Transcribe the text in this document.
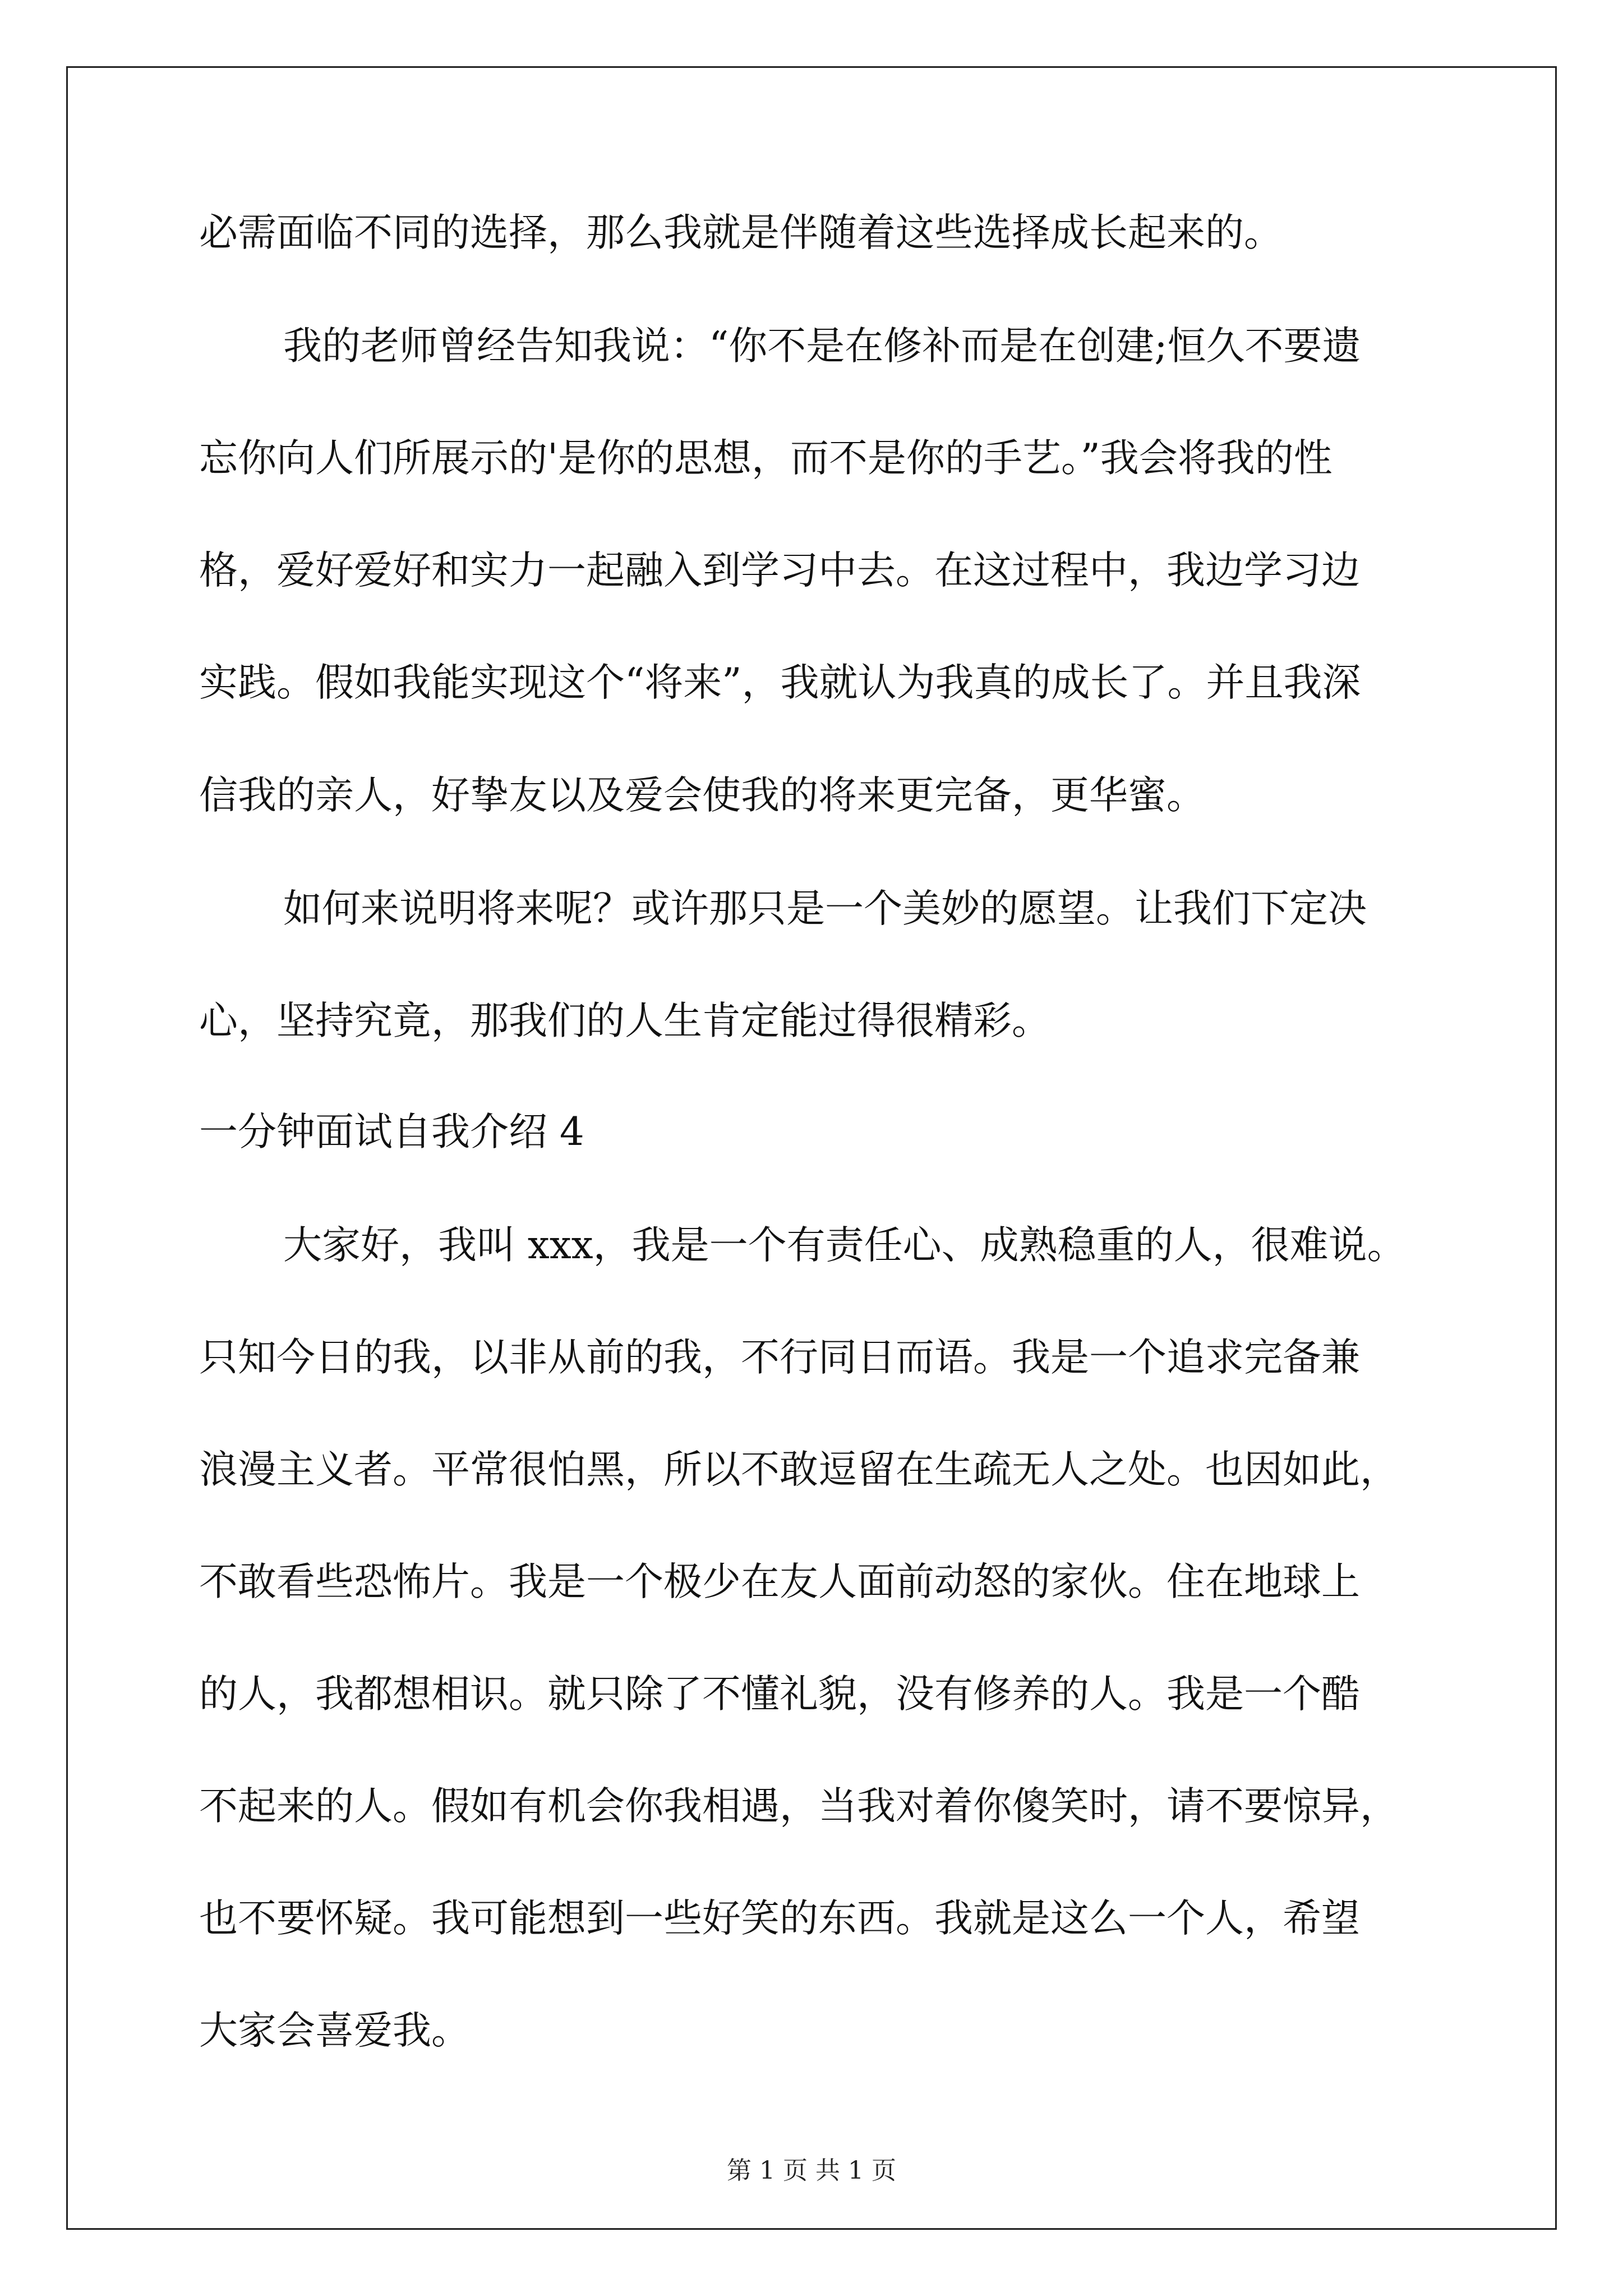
必需面临不同的选择，那么我就是伴随着这些选择成长起来的。
我的老师曾经告知我说：“你不是在修补而是在创建;恒久不要遗
忘你向人们所展示的'是你的思想，而不是你的手艺。”我会将我的性
格，爱好爱好和实力一起融入到学习中去。在这过程中，我边学习边
实践。假如我能实现这个“将来”，我就认为我真的成长了。并且我深
信我的亲人，好挚友以及爱会使我的将来更完备，更华蜜。
如何来说明将来呢？或许那只是一个美妙的愿望。让我们下定决
心，坚持究竟，那我们的人生肯定能过得很精彩。
一分钟面试自我介绍 4
大家好，我叫 xxx，我是一个有责任心、成熟稳重的人，很难说。
只知今日的我，以非从前的我，不行同日而语。我是一个追求完备兼
浪漫主义者。平常很怕黑，所以不敢逗留在生疏无人之处。也因如此，
不敢看些恐怖片。我是一个极少在友人面前动怒的家伙。住在地球上
的人，我都想相识。就只除了不懂礼貌，没有修养的人。我是一个酷
不起来的人。假如有机会你我相遇，当我对着你傻笑时，请不要惊异，
也不要怀疑。我可能想到一些好笑的东西。我就是这么一个人，希望
大家会喜爱我。
第 1 页 共 1 页
